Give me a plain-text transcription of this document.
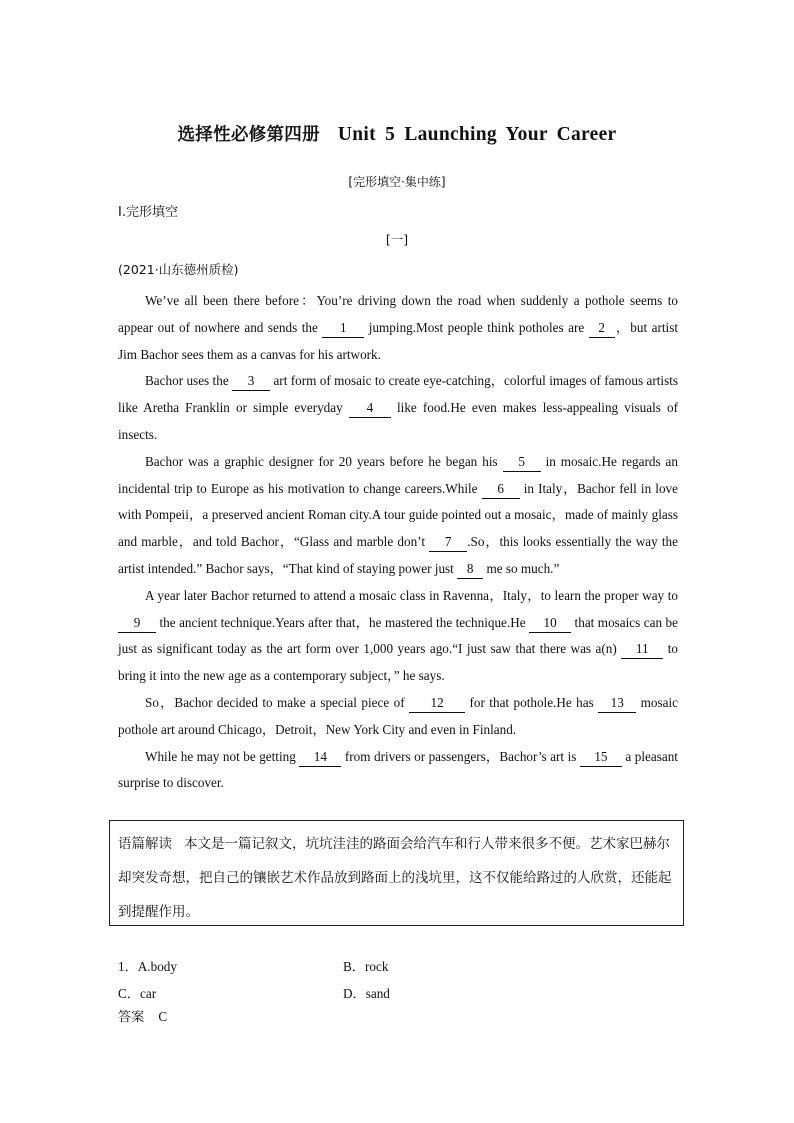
选择性必修第四册 Unit 5 Launching Your Career
[完形填空·集中练]
Ⅰ.完形填空
[一]
(2021·山东德州质检)

We’ve all been there before：You’re driving down the road when suddenly a pothole seems to appear out of nowhere and sends the 1 jumping.Most people think potholes are 2 ，but artist Jim Bachor sees them as a canvas for his artwork.

Bachor uses the 3 art form of mosaic to create eye-catching，colorful images of famous artists like Aretha Franklin or simple everyday 4 like food.He even makes less-appealing visuals of insects.

Bachor was a graphic designer for 20 years before he began his 5 in mosaic.He regards an incidental trip to Europe as his motivation to change careers.While 6 in Italy，Bachor fell in love with Pompeii，a preserved ancient Roman city.A tour guide pointed out a mosaic，made of mainly glass and marble，and told Bachor，“Glass and marble don’t 7 .So，this looks essentially the way the artist intended.” Bachor says，“That kind of staying power just 8 me so much.”

A year later Bachor returned to attend a mosaic class in Ravenna，Italy，to learn the proper way to 9 the ancient technique.Years after that，he mastered the technique.He 10 that mosaics can be just as significant today as the art form over 1,000 years ago.“I just saw that there was a(n) 11 to bring it into the new age as a contemporary subject，” he says.

So，Bachor decided to make a special piece of 12 for that pothole.He has 13 mosaic pothole art around Chicago，Detroit，New York City and even in Finland.

While he may not be getting 14 from drivers or passengers，Bachor’s art is 15 a pleasant surprise to discover.

语篇解读 本文是一篇记叙文，坑坑洼洼的路面会给汽车和行人带来很多不便。艺术家巴赫尔却突发奇想，把自己的镶嵌艺术作品放到路面上的浅坑里，这不仅能给路过的人欣赏，还能起到提醒作用。
1．A.body	B．rock
C．car	D．sand
答案 C
